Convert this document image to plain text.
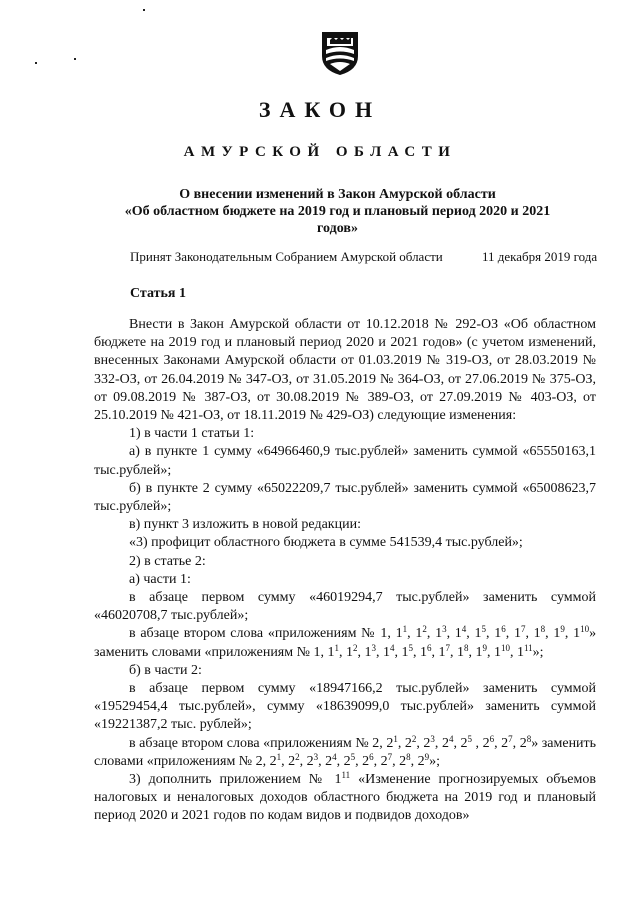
ЗАКОН
АМУРСКОЙ ОБЛАСТИ
О внесении изменений в Закон Амурской области
«Об областном бюджете на 2019 год и плановый период 2020 и 2021
годов»
Принят Законодательным Собранием Амурской области	11 декабря 2019 года
Статья 1

Внести в Закон Амурской области от 10.12.2018 № 292-ОЗ «Об областном бюджете на 2019 год и плановый период 2020 и 2021 годов» (с учетом изменений, внесенных Законами Амурской области от 01.03.2019 № 319-ОЗ, от 28.03.2019 № 332-ОЗ, от 26.04.2019 № 347-ОЗ, от 31.05.2019 № 364-ОЗ, от 27.06.2019 № 375-ОЗ, от 09.08.2019 № 387-ОЗ, от 30.08.2019 № 389-ОЗ, от 27.09.2019 № 403-ОЗ, от 25.10.2019 № 421-ОЗ, от 18.11.2019 № 429-ОЗ) следующие изменения:

1) в части 1 статьи 1:

а) в пункте 1 сумму «64966460,9 тыс.рублей» заменить суммой «65550163,1 тыс.рублей»;

б) в пункте 2 сумму «65022209,7 тыс.рублей» заменить суммой «65008623,7 тыс.рублей»;

в) пункт 3 изложить в новой редакции:

«3) профицит областного бюджета в сумме 541539,4 тыс.рублей»;

2) в статье 2:

а) части 1:

в абзаце первом сумму «46019294,7 тыс.рублей» заменить суммой «46020708,7 тыс.рублей»;

в абзаце втором слова «приложениям № 1, $1^1$, $1^2$, $1^3$, $1^4$, $1^5$, $1^6$, $1^7$, $1^8$, $1^9$, $1^{10}$» заменить словами «приложениям № 1, $1^1$, $1^2$, $1^3$, $1^4$, $1^5$, $1^6$, $1^7$, $1^8$, $1^9$, $1^{10}$, $1^{11}$»;

б) в части 2:

в абзаце первом сумму «18947166,2 тыс.рублей» заменить суммой «19529454,4 тыс.рублей», сумму «18639099,0 тыс.рублей» заменить суммой «19221387,2 тыс. рублей»;

в абзаце втором слова «приложениям № 2, $2^1$, $2^2$, $2^3$, $2^4$, $2^5$ , $2^6$, $2^7$, $2^8$» заменить словами «приложениям № 2, $2^1$, $2^2$, $2^3$, $2^4$, $2^5$, $2^6$, $2^7$, $2^8$, $2^9$»;

3) дополнить приложением № $1^{11}$ «Изменение прогнозируемых объемов налоговых и неналоговых доходов областного бюджета на 2019 год и плановый период 2020 и 2021 годов по кодам видов и подвидов доходов»
